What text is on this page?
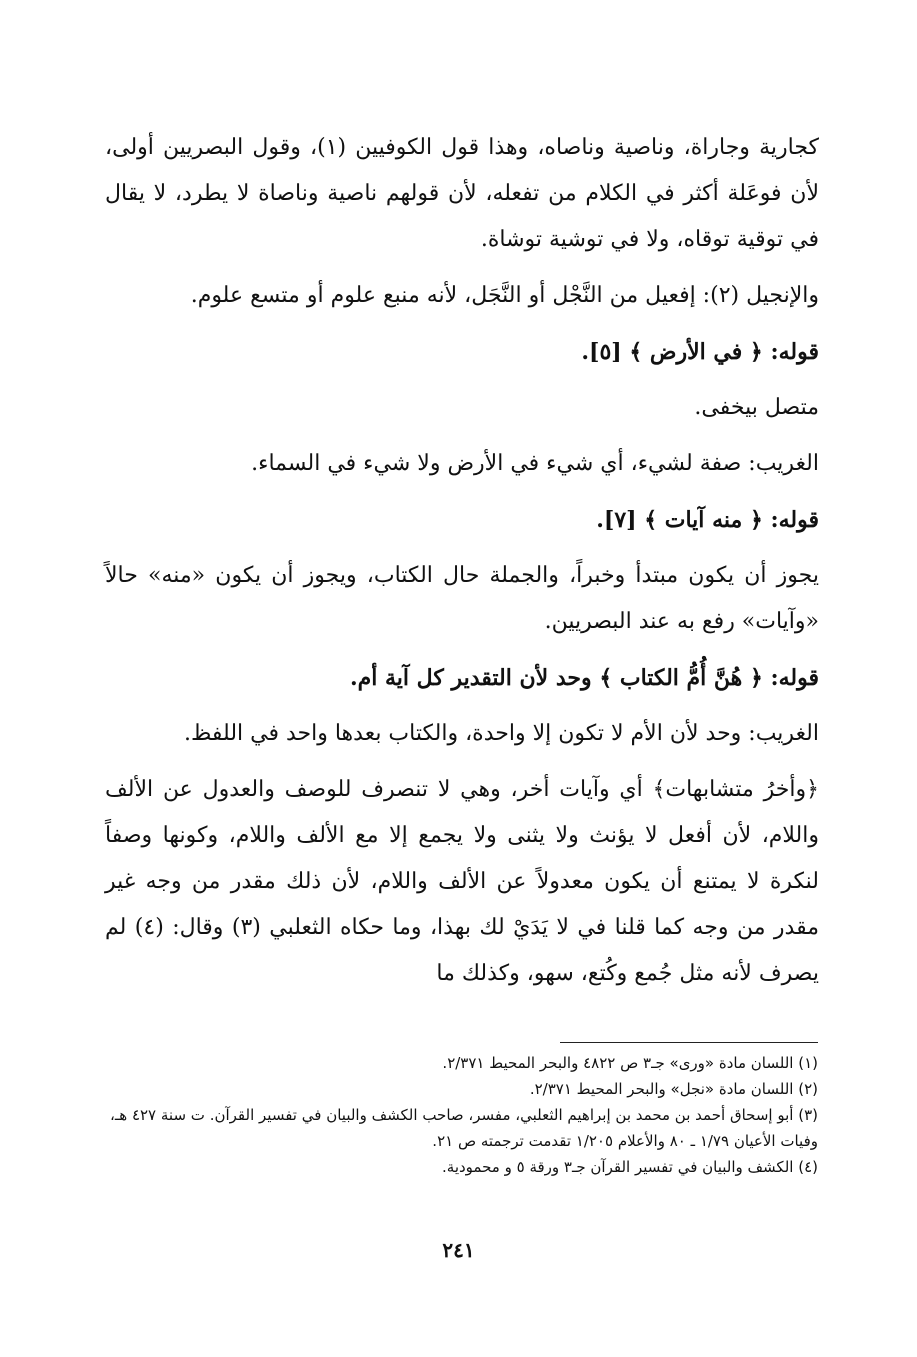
كجارية وجاراة، وناصية وناصاه، وهذا قول الكوفيين (١)، وقول البصريين أولى، لأن فوعَلة أكثر في الكلام من تفعله، لأن قولهم ناصية وناصاة لا يطرد، لا يقال في توقية توقاه، ولا في توشية توشاة.

والإنجيل (٢): إفعيل من النَّجْل أو النَّجَل، لأنه منبع علوم أو متسع علوم.

قوله: ﴿ في الأرض ﴾ [٥].

متصل بيخفى.

الغريب: صفة لشيء، أي شيء في الأرض ولا شيء في السماء.

قوله: ﴿ منه آيات ﴾ [٧].

يجوز أن يكون مبتدأ وخبراً، والجملة حال الكتاب، ويجوز أن يكون «منه» حالاً «وآيات» رفع به عند البصريين.

قوله: ﴿ هُنَّ أُمُّ الكتاب ﴾ وحد لأن التقدير كل آية أم.

الغريب: وحد لأن الأم لا تكون إلا واحدة، والكتاب بعدها واحد في اللفظ.

﴿وأخرُ متشابهات﴾ أي وآيات أخر، وهي لا تنصرف للوصف والعدول عن الألف واللام، لأن أفعل لا يؤنث ولا يثنى ولا يجمع إلا مع الألف واللام، وكونها وصفاً لنكرة لا يمتنع أن يكون معدولاً عن الألف واللام، لأن ذلك مقدر من وجه غير مقدر من وجه كما قلنا في لا يَدَيْ لك بهذا، وما حكاه الثعلبي (٣) وقال: (٤) لم يصرف لأنه مثل جُمع وكُتع، سهو، وكذلك ما

(١) اللسان مادة «ورى» جـ٣ ص ٤٨٢٢ والبحر المحيط ٢/٣٧١.

(٢) اللسان مادة «نجل» والبحر المحيط ٢/٣٧١.

(٣) أبو إسحاق أحمد بن محمد بن إبراهيم الثعلبي، مفسر، صاحب الكشف والبيان في تفسير القرآن. ت سنة ٤٢٧ هـ، وفيات الأعيان ١/٧٩ ـ ٨٠ والأعلام ١/٢٠٥ تقدمت ترجمته ص ٢١.

(٤) الكشف والبيان في تفسير القرآن جـ٣ ورقة ٥ و محمودية.

٢٤١
